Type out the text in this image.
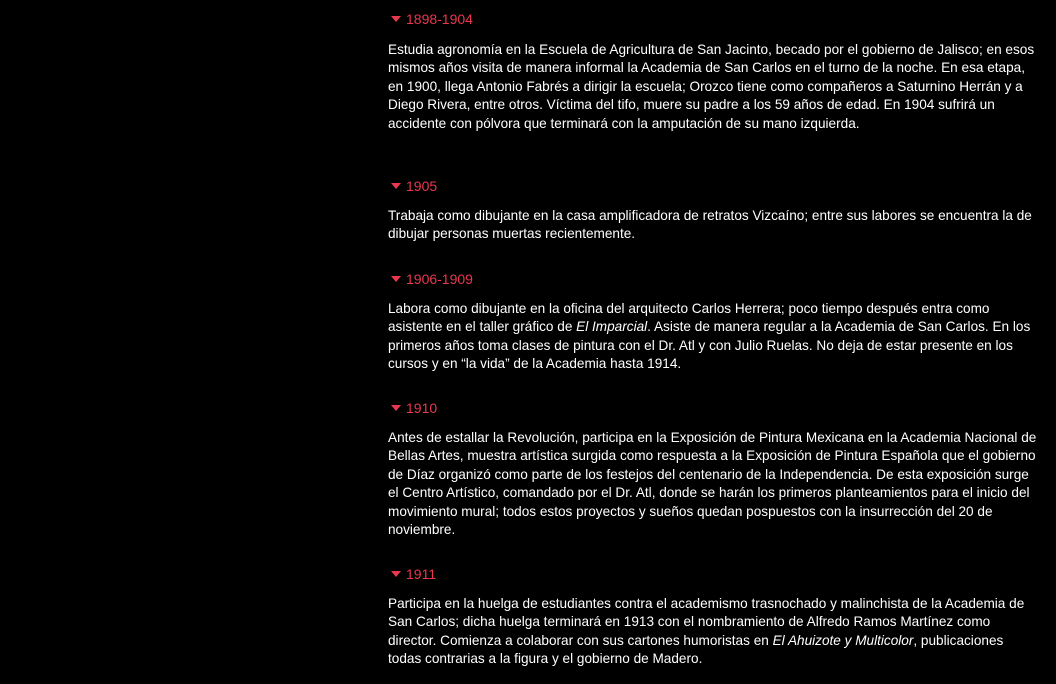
1898-1904

Estudia agronomía en la Escuela de Agricultura de San Jacinto, becado por el gobierno de Jalisco; en esos mismos años visita de manera informal la Academia de San Carlos en el turno de la noche. En esa etapa, en 1900, llega Antonio Fabrés a dirigir la escuela; Orozco tiene como compañeros a Saturnino Herrán y a Diego Rivera, entre otros. Víctima del tifo, muere su padre a los 59 años de edad. En 1904 sufrirá un accidente con pólvora que terminará con la amputación de su mano izquierda.

1905

Trabaja como dibujante en la casa amplificadora de retratos Vizcaíno; entre sus labores se encuentra la de dibujar personas muertas recientemente.

1906-1909

Labora como dibujante en la oficina del arquitecto Carlos Herrera; poco tiempo después entra como asistente en el taller gráfico de El Imparcial. Asiste de manera regular a la Academia de San Carlos. En los primeros años toma clases de pintura con el Dr. Atl y con Julio Ruelas. No deja de estar presente en los cursos y en “la vida” de la Academia hasta 1914.

1910

Antes de estallar la Revolución, participa en la Exposición de Pintura Mexicana en la Academia Nacional de Bellas Artes, muestra artística surgida como respuesta a la Exposición de Pintura Española que el gobierno de Díaz organizó como parte de los festejos del centenario de la Independencia. De esta exposición surge el Centro Artístico, comandado por el Dr. Atl, donde se harán los primeros planteamientos para el inicio del movimiento mural; todos estos proyectos y sueños quedan pospuestos con la insurrección del 20 de noviembre.

1911

Participa en la huelga de estudiantes contra el academismo trasnochado y malinchista de la Academia de San Carlos; dicha huelga terminará en 1913 con el nombramiento de Alfredo Ramos Martínez como director. Comienza a colaborar con sus cartones humoristas en El Ahuizote y Multicolor, publicaciones todas contrarias a la figura y el gobierno de Madero.
